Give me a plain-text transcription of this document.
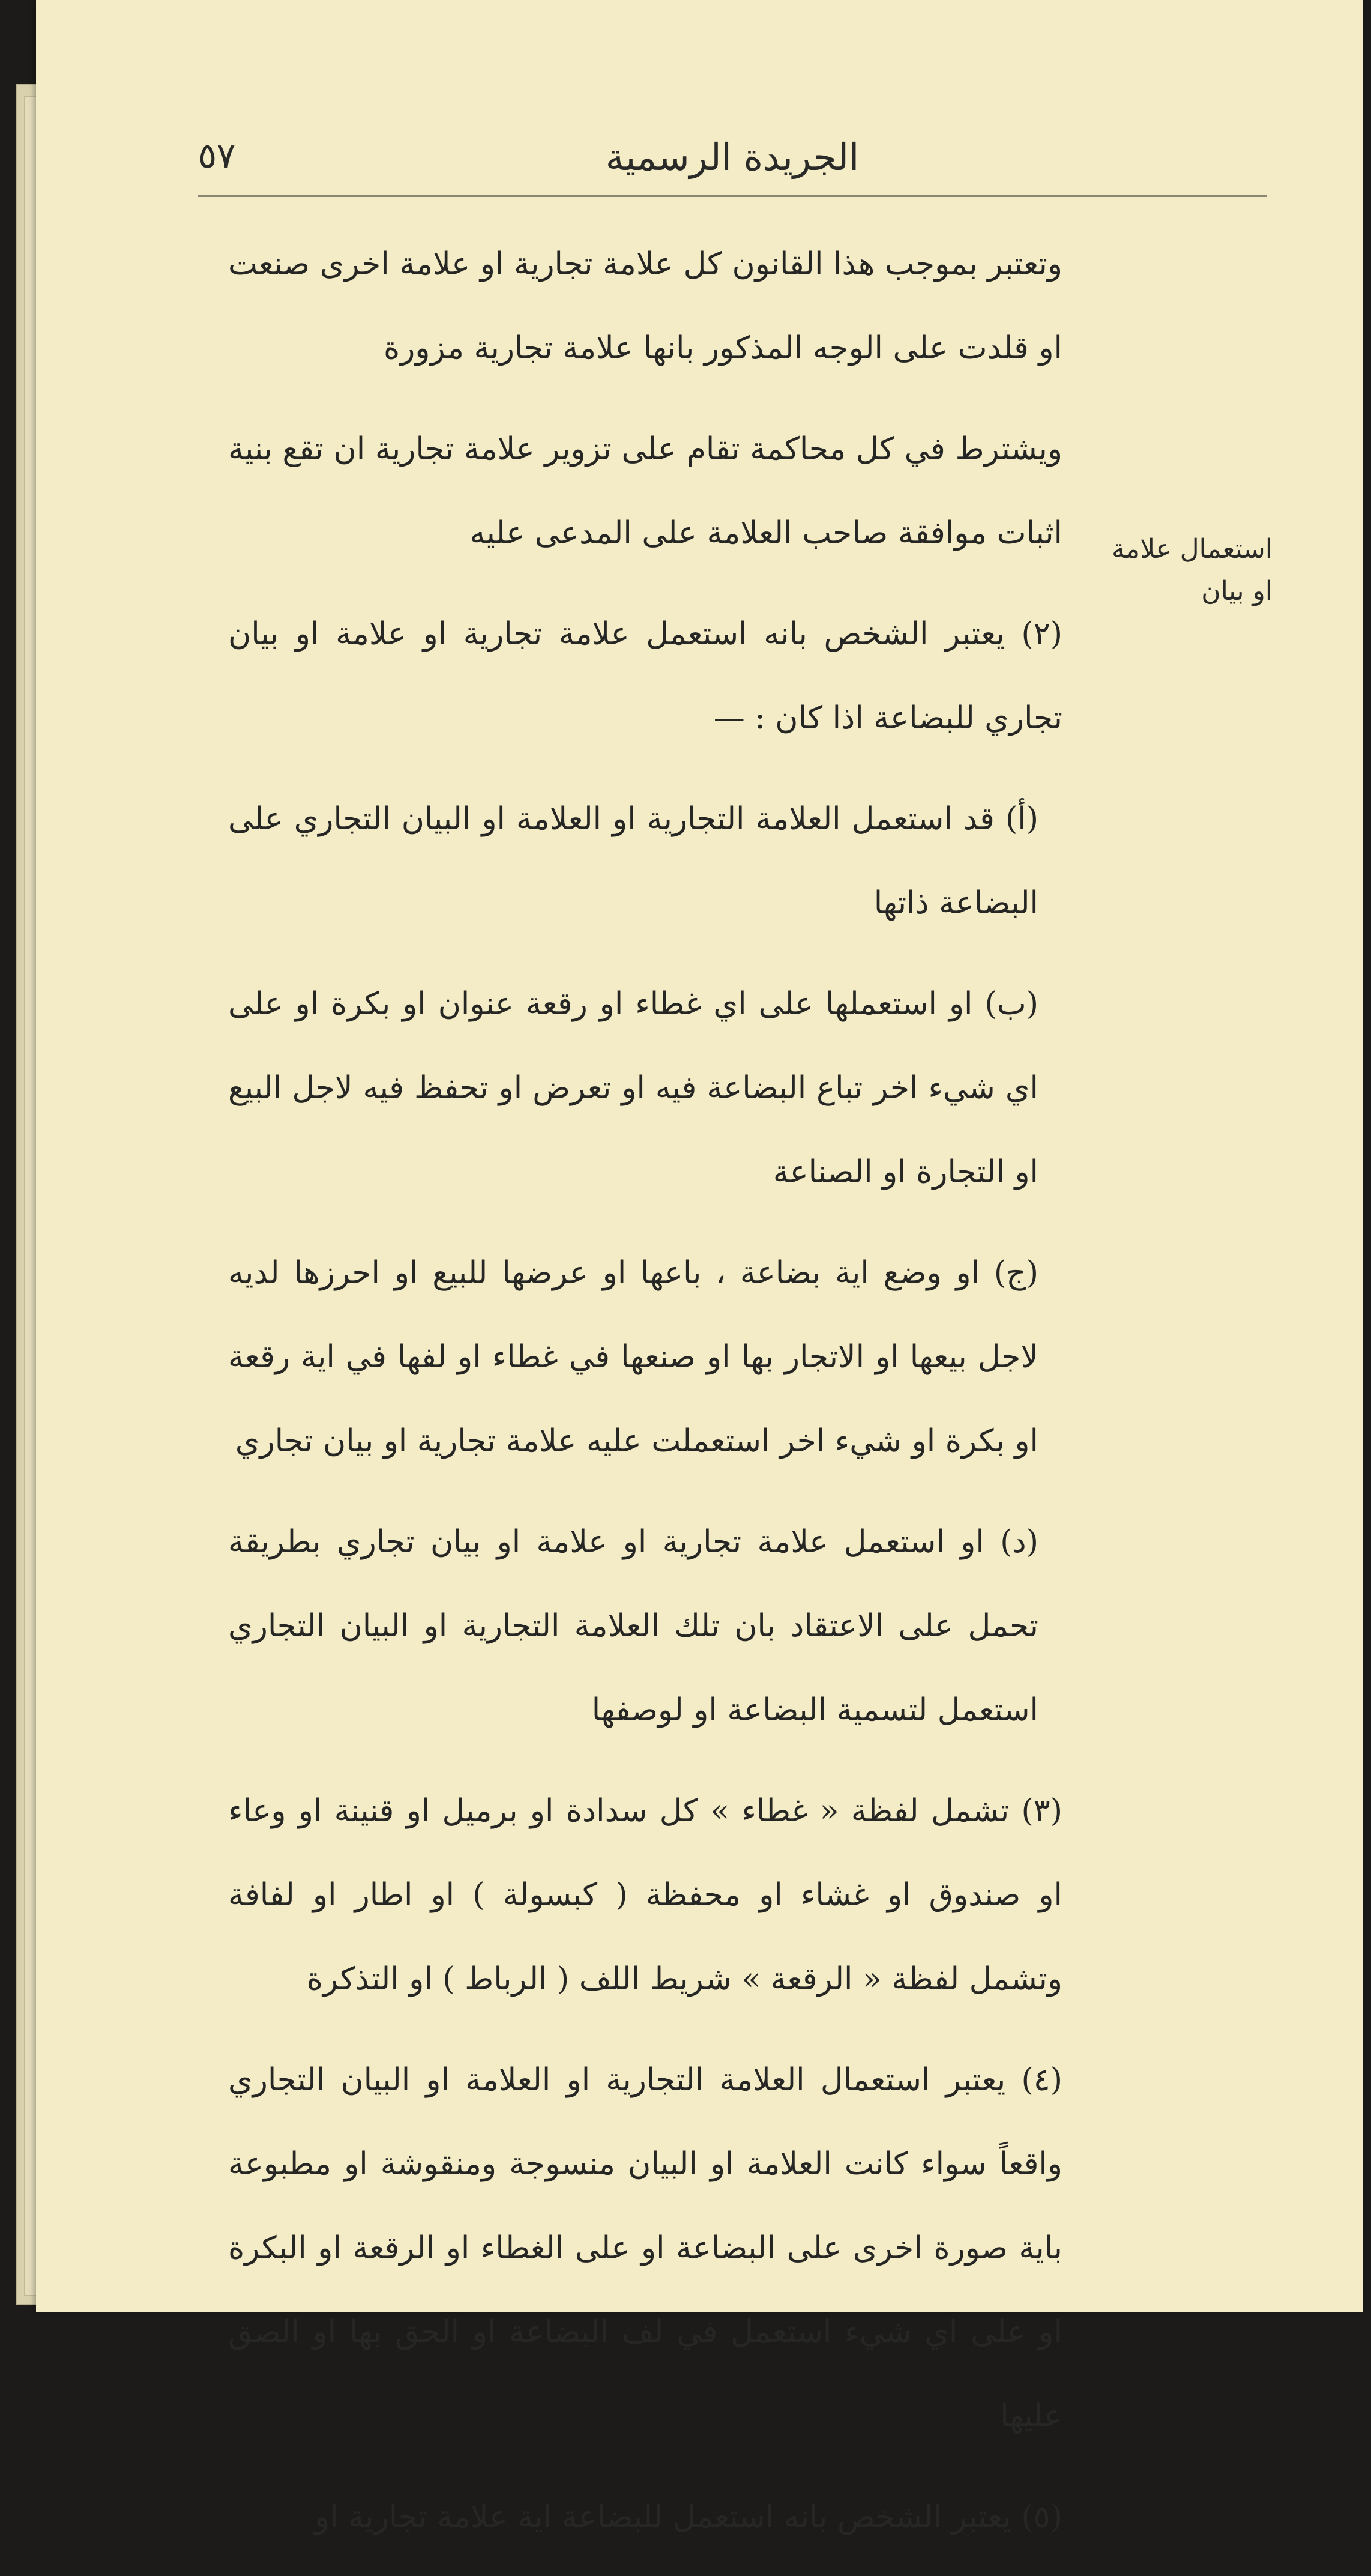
٥٧	الجريدة الرسمية
استعمال علامة او بيان

وتعتبر بموجب هذا القانون كل علامة تجارية او علامة اخرى صنعت او قلدت على الوجه المذكور بانها علامة تجارية مزورة

ويشترط في كل محاكمة تقام على تزوير علامة تجارية ان تقع بنية اثبات موافقة صاحب العلامة على المدعى عليه

(٢) يعتبر الشخص بانه استعمل علامة تجارية او علامة او بيان تجاري للبضاعة اذا كان : —

(أ) قد استعمل العلامة التجارية او العلامة او البيان التجاري على البضاعة ذاتها

(ب) او استعملها على اي غطاء او رقعة عنوان او بكرة او على اي شيء اخر تباع البضاعة فيه او تعرض او تحفظ فيه لاجل البيع او التجارة او الصناعة

(ج) او وضع اية بضاعة ، باعها او عرضها للبيع او احرزها لديه لاجل بيعها او الاتجار بها او صنعها في غطاء او لفها في اية رقعة او بكرة او شيء اخر استعملت عليه علامة تجارية او بيان تجاري

(د) او استعمل علامة تجارية او علامة او بيان تجاري بطريقة تحمل على الاعتقاد بان تلك العلامة التجارية او البيان التجاري استعمل لتسمية البضاعة او لوصفها

(٣) تشمل لفظة « غطاء » كل سدادة او برميل او قنينة او وعاء او صندوق او غشاء او محفظة ( كبسولة ) او اطار او لفافة وتشمل لفظة « الرقعة » شريط اللف ( الرباط ) او التذكرة

(٤) يعتبر استعمال العلامة التجارية او العلامة او البيان التجاري واقعاً سواء كانت العلامة او البيان منسوجة ومنقوشة او مطبوعة باية صورة اخرى على البضاعة او على الغطاء او الرقعة او البكرة او على اي شيء استعمل في لف البضاعة او الحق بها او الصق عليها

(٥) يعتبر الشخص بانه استعمل للبضاعة اية علامة تجارية او
